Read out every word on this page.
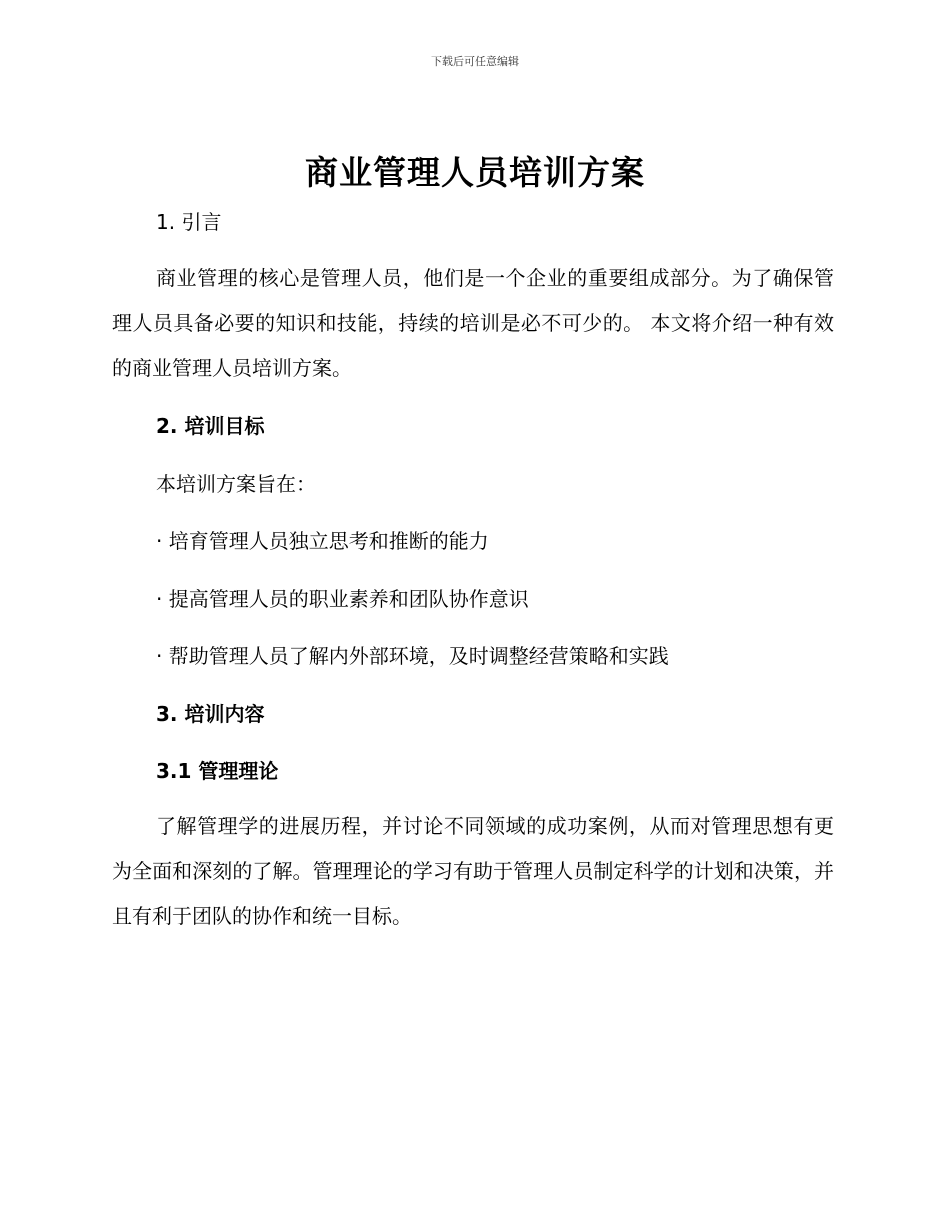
下载后可任意编辑
商业管理人员培训方案
1. 引言

商业管理的核心是管理人员，他们是一个企业的重要组成部分。为了确保管理人员具备必要的知识和技能，持续的培训是必不可少的。 本文将介绍一种有效的商业管理人员培训方案。

2. 培训目标
本培训方案旨在：
· 培育管理人员独立思考和推断的能力
· 提高管理人员的职业素养和团队协作意识
· 帮助管理人员了解内外部环境，及时调整经营策略和实践
3. 培训内容
3.1 管理理论

了解管理学的进展历程，并讨论不同领域的成功案例，从而对管理思想有更为全面和深刻的了解。管理理论的学习有助于管理人员制定科学的计划和决策，并且有利于团队的协作和统一目标。
